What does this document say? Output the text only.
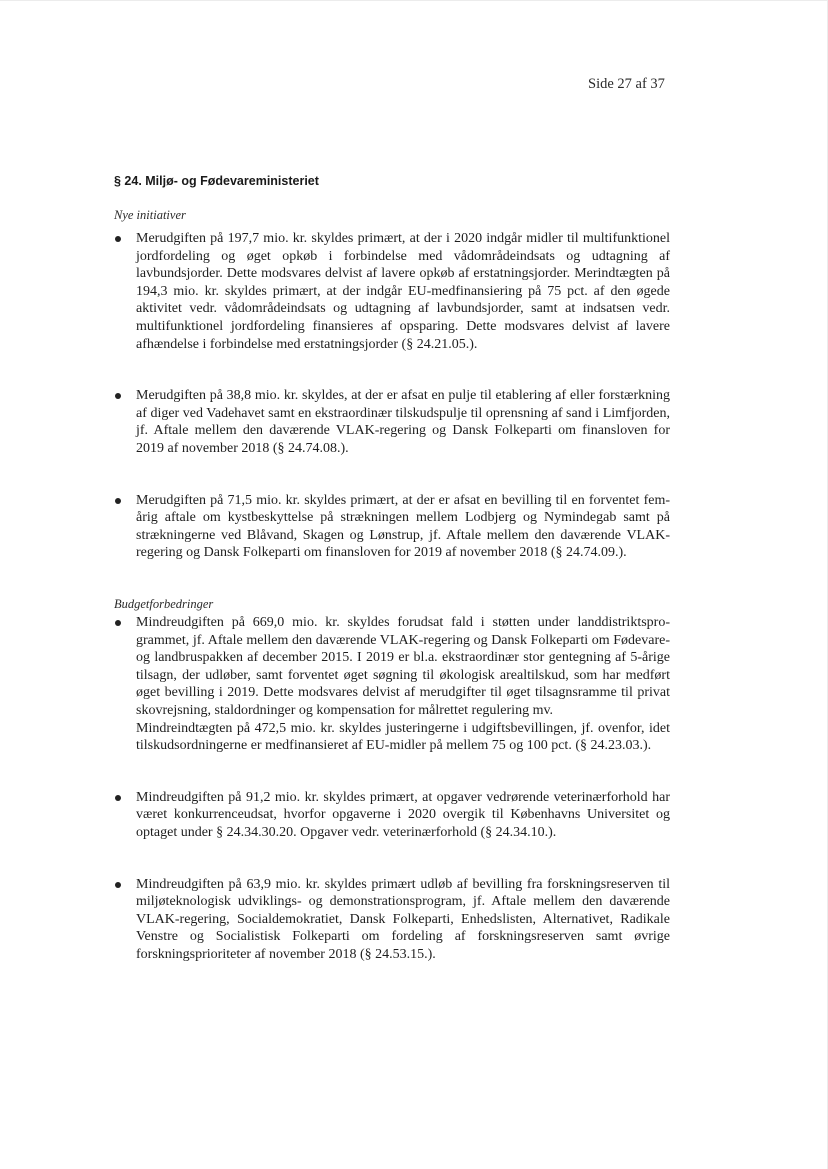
Side 27 af 37
§ 24. Miljø- og Fødevareministeriet
Nye initiativer
Merudgiften på 197,7 mio. kr. skyldes primært, at der i 2020 indgår midler til multifunktionel jordfordeling og øget opkøb i forbindelse med vådområdeindsats og udtagning af lavbundsjorder. Dette modsvares delvist af lavere opkøb af erstatningsjorder. Merindtægten på 194,3 mio. kr. skyldes primært, at der indgår EU-medfinansiering på 75 pct. af den øgede aktivitet vedr. vådområdeindsats og udtagning af lavbundsjorder, samt at indsatsen vedr. multifunktionel jordfordeling finansieres af opsparing. Dette modsvares delvist af lavere afhændelse i forbindelse med erstatningsjorder (§ 24.21.05.).
Merudgiften på 38,8 mio. kr. skyldes, at der er afsat en pulje til etablering af eller forstærkning af diger ved Vadehavet samt en ekstraordinær tilskudspulje til oprensning af sand i Limfjorden, jf. Aftale mellem den daværende VLAK-regering og Dansk Folkeparti om finansloven for 2019 af november 2018 (§ 24.74.08.).
Merudgiften på 71,5 mio. kr. skyldes primært, at der er afsat en bevilling til en forventet fem-årig aftale om kystbeskyttelse på strækningen mellem Lodbjerg og Nymindegab samt på strækningerne ved Blåvand, Skagen og Lønstrup, jf. Aftale mellem den daværende VLAK-regering og Dansk Folkeparti om finansloven for 2019 af november 2018 (§ 24.74.09.).
Budgetforbedringer
Mindreudgiften på 669,0 mio. kr. skyldes forudsat fald i støtten under landdistriktsprogrammet, jf. Aftale mellem den daværende VLAK-regering og Dansk Folkeparti om Fødevare- og landbruspakken af december 2015. I 2019 er bl.a. ekstraordinær stor gentegning af 5-årige tilsagn, der udløber, samt forventet øget søgning til økologisk arealtilskud, som har medført øget bevilling i 2019. Dette modsvares delvist af merudgifter til øget tilsagnsramme til privat skovrejsning, staldordninger og kompensation for målrettet regulering mv.
Mindreindtægten på 472,5 mio. kr. skyldes justeringerne i udgiftsbevillingen, jf. ovenfor, idet tilskudsordningerne er medfinansieret af EU-midler på mellem 75 og 100 pct. (§ 24.23.03.).
Mindreudgiften på 91,2 mio. kr. skyldes primært, at opgaver vedrørende veterinærforhold har været konkurrenceudsat, hvorfor opgaverne i 2020 overgik til Københavns Universitet og optaget under § 24.34.30.20. Opgaver vedr. veterinærforhold (§ 24.34.10.).
Mindreudgiften på 63,9 mio. kr. skyldes primært udløb af bevilling fra forskningsreserven til miljøteknologisk udviklings- og demonstrationsprogram, jf. Aftale mellem den daværende VLAK-regering, Socialdemokratiet, Dansk Folkeparti, Enhedslisten, Alternativet, Radikale Venstre og Socialistisk Folkeparti om fordeling af forskningsreserven samt øvrige forskningsprioriteter af november 2018 (§ 24.53.15.).
